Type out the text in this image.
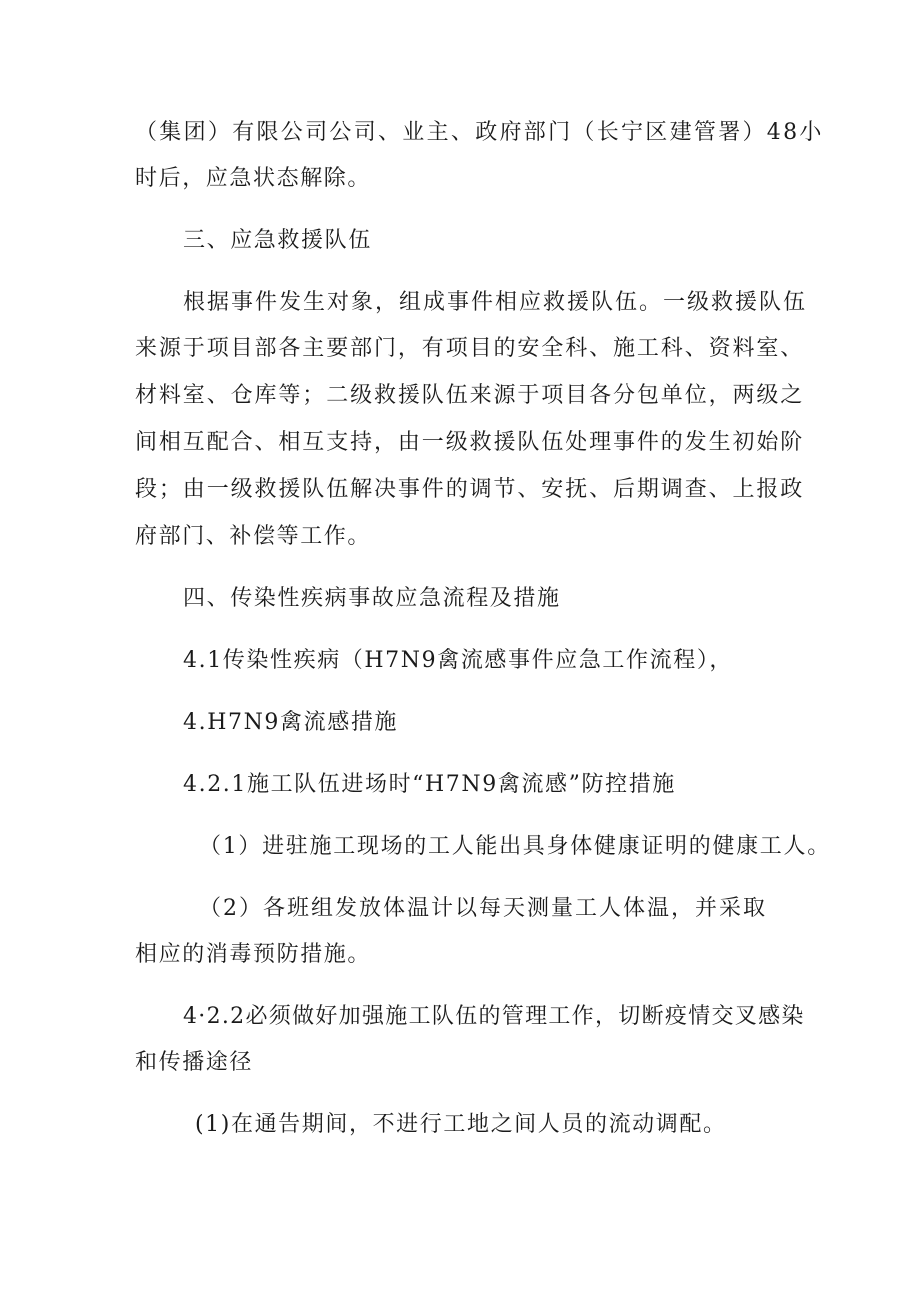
（集团）有限公司公司、业主、政府部门（长宁区建管署）48小
时后，应急状态解除。
三、应急救援队伍
根据事件发生对象，组成事件相应救援队伍。一级救援队伍
来源于项目部各主要部门，有项目的安全科、施工科、资料室、
材料室、仓库等；二级救援队伍来源于项目各分包单位，两级之
间相互配合、相互支持，由一级救援队伍处理事件的发生初始阶
段；由一级救援队伍解决事件的调节、安抚、后期调查、上报政
府部门、补偿等工作。
四、传染性疾病事故应急流程及措施
4.1传染性疾病（H7N9禽流感事件应急工作流程），
4.H7N9禽流感措施
4.2.1施工队伍进场时“H7N9禽流感”防控措施
（1）进驻施工现场的工人能出具身体健康证明的健康工人。
（2）各班组发放体温计以每天测量工人体温，并采取
相应的消毒预防措施。
4·2.2必须做好加强施工队伍的管理工作，切断疫情交叉感染
和传播途径
(1)在通告期间，不进行工地之间人员的流动调配。
